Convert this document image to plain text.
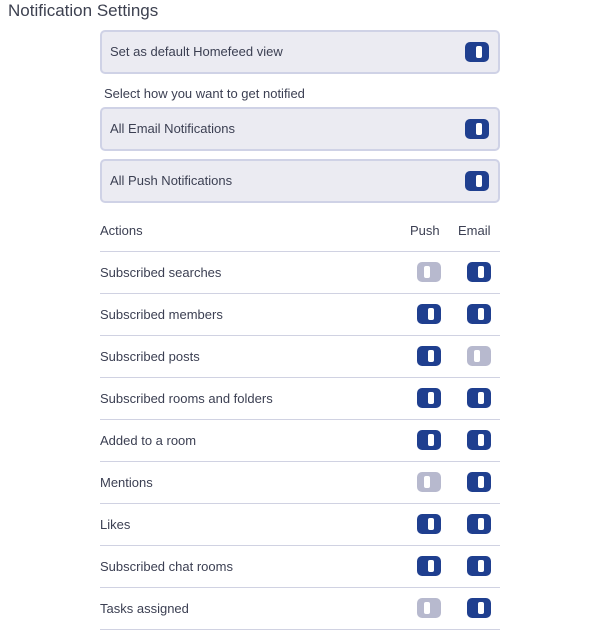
Notification Settings
Set as default Homefeed view
Select how you want to get notified
All Email Notifications
All Push Notifications
Actions	Push Email
Subscribed searches
Subscribed members
Subscribed posts
Subscribed rooms and folders
Added to a room
Mentions
Likes
Subscribed chat rooms
Tasks assigned
